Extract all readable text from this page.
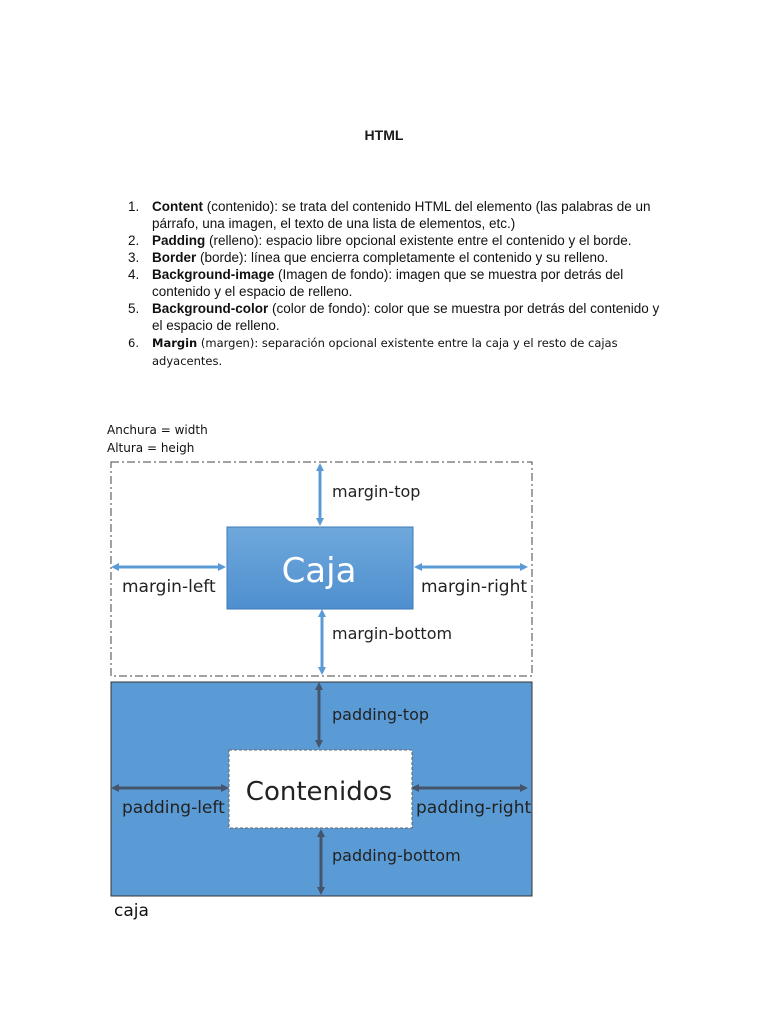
HTML
1. Content (contenido): se trata del contenido HTML del elemento (las palabras de un párrafo, una imagen, el texto de una lista de elementos, etc.)
2. Padding (relleno): espacio libre opcional existente entre el contenido y el borde.
3. Border (borde): línea que encierra completamente el contenido y su relleno.
4. Background-image (Imagen de fondo): imagen que se muestra por detrás del contenido y el espacio de relleno.
5. Background-color (color de fondo): color que se muestra por detrás del contenido y el espacio de relleno.
6. Margin (margen): separación opcional existente entre la caja y el resto de cajas adyacentes.
Anchura = width
Altura = heigh
Caja
margin-top
margin-left	margin-right
margin-bottom
Contenidos
padding-top
padding-left	padding-right
padding-bottom
caja
